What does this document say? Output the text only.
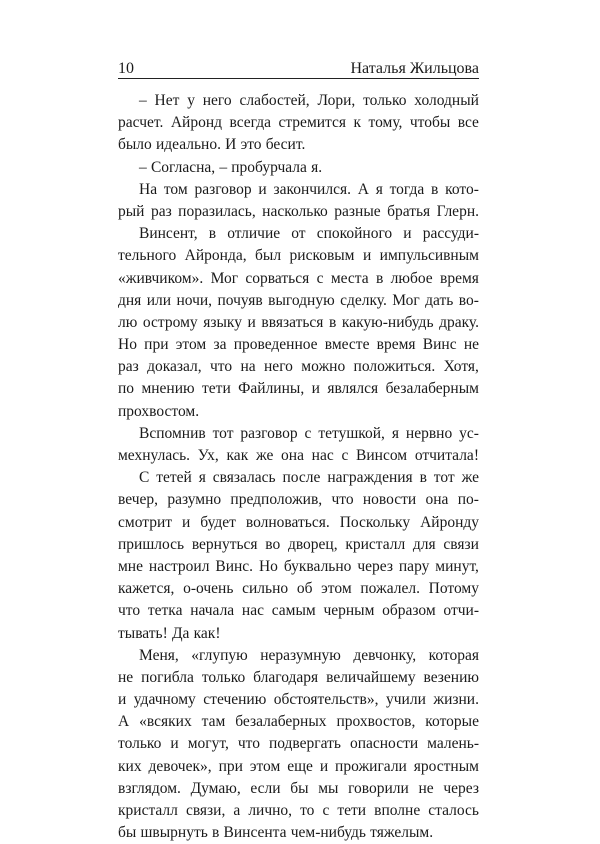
10	Наталья Жильцова
– Нет у него слабостей, Лори, только холодный
расчет. Айронд всегда стремится к тому, чтобы все
было идеально. И это бесит.
– Согласна, – пробурчала я.
На том разговор и закончился. А я тогда в кото-
рый раз поразилась, насколько разные братья Глерн.
Винсент, в отличие от спокойного и рассуди-
тельного Айронда, был рисковым и импульсивным
«живчиком». Мог сорваться с места в любое время
дня или ночи, почуяв выгодную сделку. Мог дать во-
лю острому языку и ввязаться в какую-нибудь драку.
Но при этом за проведенное вместе время Винс не
раз доказал, что на него можно положиться. Хотя,
по мнению тети Файлины, и являлся безалаберным
прохвостом.
Вспомнив тот разговор с тетушкой, я нервно ус-
мехнулась. Ух, как же она нас с Винсом отчитала!
С тетей я связалась после награждения в тот же
вечер, разумно предположив, что новости она по-
смотрит и будет волноваться. Поскольку Айронду
пришлось вернуться во дворец, кристалл для связи
мне настроил Винс. Но буквально через пару минут,
кажется, о-очень сильно об этом пожалел. Потому
что тетка начала нас самым черным образом отчи-
тывать! Да как!
Меня, «глупую неразумную девчонку, которая
не погибла только благодаря величайшему везению
и удачному стечению обстоятельств», учили жизни.
А «всяких там безалаберных прохвостов, которые
только и могут, что подвергать опасности малень-
ких девочек», при этом еще и прожигали яростным
взглядом. Думаю, если бы мы говорили не через
кристалл связи, а лично, то с тети вполне сталось
бы швырнуть в Винсента чем-нибудь тяжелым.
